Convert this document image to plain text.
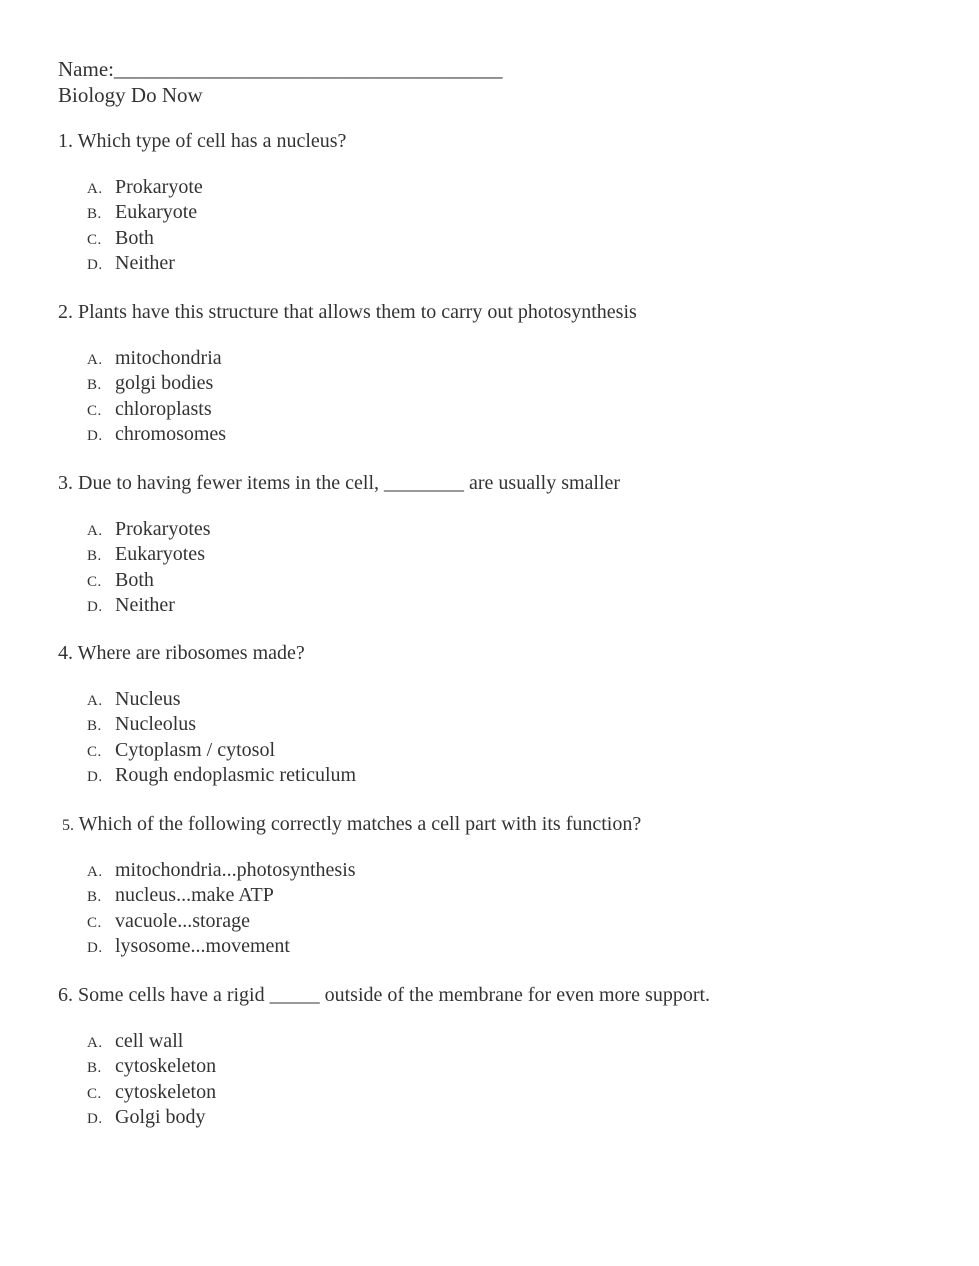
Name:_____________________________________
Biology Do Now
1. Which type of cell has a nucleus?
A. Prokaryote
B. Eukaryote
C. Both
D. Neither
2. Plants have this structure that allows them to carry out photosynthesis
A. mitochondria
B. golgi bodies
C. chloroplasts
D. chromosomes
3. Due to having fewer items in the cell, ________ are usually smaller
A. Prokaryotes
B. Eukaryotes
C. Both
D. Neither
4. Where are ribosomes made?
A. Nucleus
B. Nucleolus
C. Cytoplasm / cytosol
D. Rough endoplasmic reticulum
5. Which of the following correctly matches a cell part with its function?
A. mitochondria...photosynthesis
B. nucleus...make ATP
C. vacuole...storage
D. lysosome...movement
6. Some cells have a rigid _____ outside of the membrane for even more support.
A. cell wall
B. cytoskeleton
C. cytoskeleton
D. Golgi body
